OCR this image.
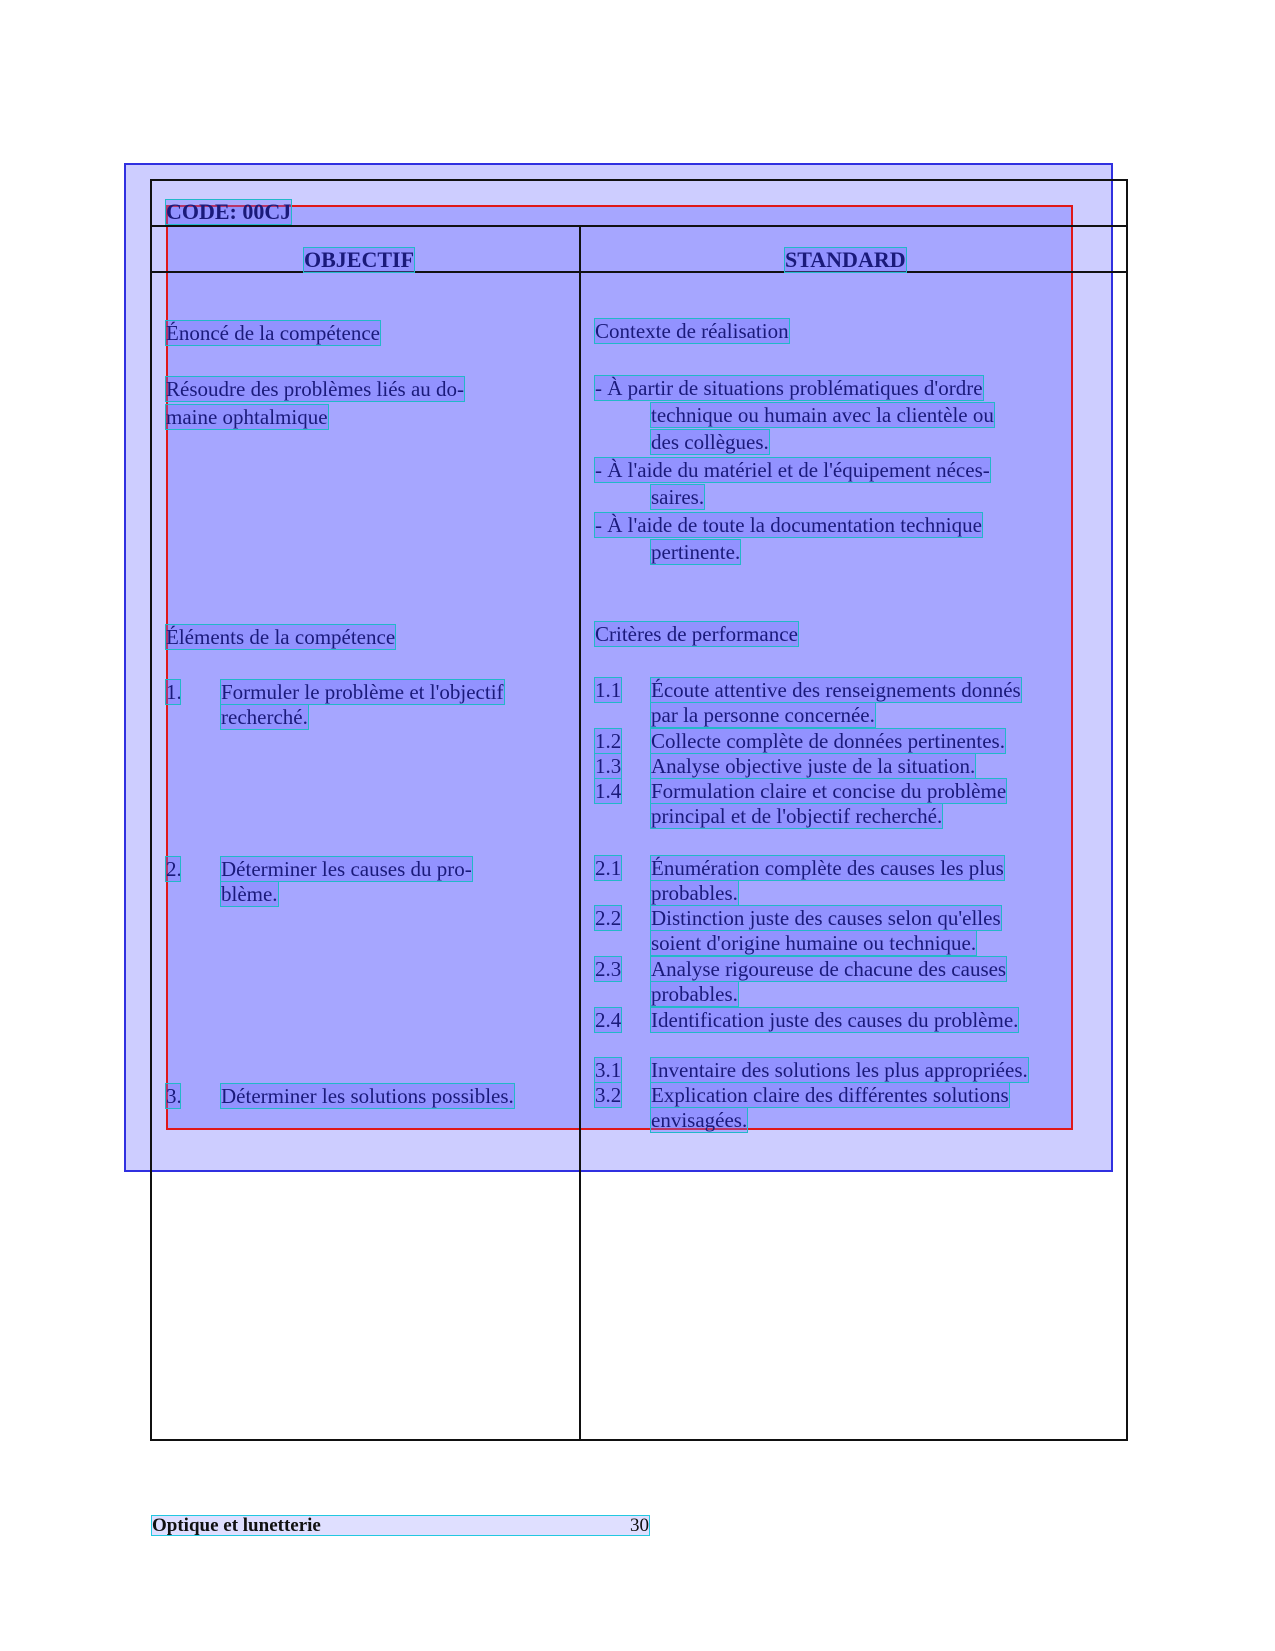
CODE: 00CJ
OBJECTIF	STANDARD
Énoncé de la compétence
Résoudre des problèmes liés au do-
maine ophtalmique
Contexte de réalisation
- À partir de situations problématiques d'ordre
technique ou humain avec la clientèle ou
des collègues.
- À l'aide du matériel et de l'équipement néces-
saires.
- À l'aide de toute la documentation technique
pertinente.
Éléments de la compétence
1. Formuler le problème et l'objectif
recherché.
2. Déterminer les causes du pro-
blème.
3. Déterminer les solutions possibles.
Critères de performance
1.1 Écoute attentive des renseignements donnés
par la personne concernée.
1.2 Collecte complète de données pertinentes.
1.3 Analyse objective juste de la situation.
1.4 Formulation claire et concise du problème
principal et de l'objectif recherché.
2.1 Énumération complète des causes les plus
probables.
2.2 Distinction juste des causes selon qu'elles
soient d'origine humaine ou technique.
2.3 Analyse rigoureuse de chacune des causes
probables.
2.4 Identification juste des causes du problème.
3.1 Inventaire des solutions les plus appropriées.
3.2 Explication claire des différentes solutions
envisagées.
Optique et lunetterie	30
